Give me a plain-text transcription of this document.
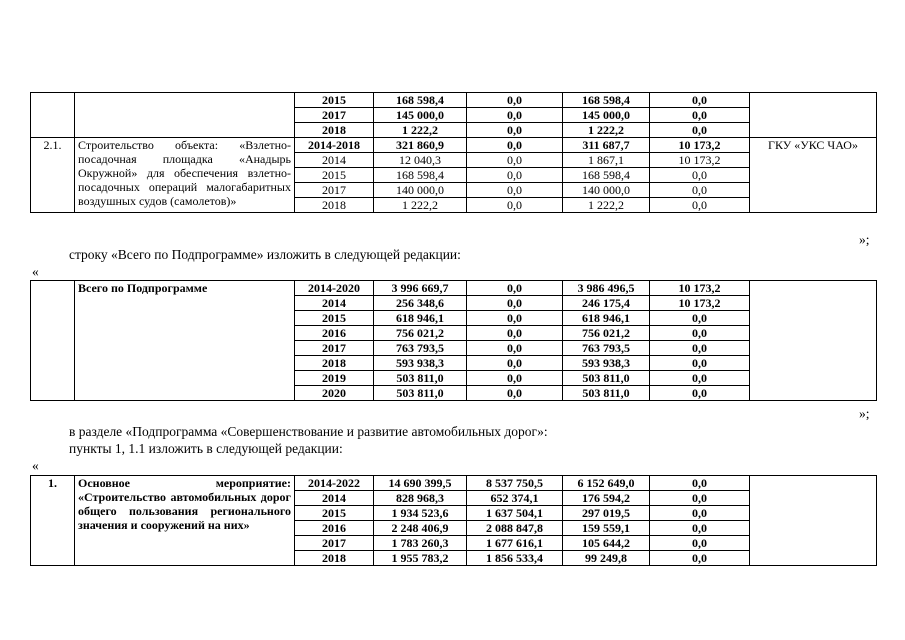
		2015	168 598,4	0,0	168 598,4	0,0	
		2017	145 000,0	0,0	145 000,0	0,0	
		2018	1 222,2	0,0	1 222,2	0,0	
2.1.	Строительство объекта: «Взлетно-посадочная площадка «Анадырь Окружной» для обеспечения взлетно-посадочных операций малогабаритных воздушных судов (самолетов)»	2014-2018	321 860,9	0,0	311 687,7	10 173,2	ГКУ «УКС ЧАО»
		2014	12 040,3	0,0	1 867,1	10 173,2	
		2015	168 598,4	0,0	168 598,4	0,0	
		2017	140 000,0	0,0	140 000,0	0,0	
		2018	1 222,2	0,0	1 222,2	0,0	
»;
строку «Всего по Подпрограмме» изложить в следующей редакции:
«
	Всего по Подпрограмме	2014-2020	3 996 669,7	0,0	3 986 496,5	10 173,2	
		2014	256 348,6	0,0	246 175,4	10 173,2	
		2015	618 946,1	0,0	618 946,1	0,0	
		2016	756 021,2	0,0	756 021,2	0,0	
		2017	763 793,5	0,0	763 793,5	0,0	
		2018	593 938,3	0,0	593 938,3	0,0	
		2019	503 811,0	0,0	503 811,0	0,0	
		2020	503 811,0	0,0	503 811,0	0,0	
»;
в разделе «Подпрограмма «Совершенствование и развитие автомобильных дорог»:
пункты 1, 1.1 изложить в следующей редакции:
«
1.	Основное мероприятие: «Строительство автомобильных дорог общего пользования регионального значения и сооружений на них»	2014-2022	14 690 399,5	8 537 750,5	6 152 649,0	0,0	
		2014	828 968,3	652 374,1	176 594,2	0,0	
		2015	1 934 523,6	1 637 504,1	297 019,5	0,0	
		2016	2 248 406,9	2 088 847,8	159 559,1	0,0	
		2017	1 783 260,3	1 677 616,1	105 644,2	0,0	
		2018	1 955 783,2	1 856 533,4	99 249,8	0,0	
